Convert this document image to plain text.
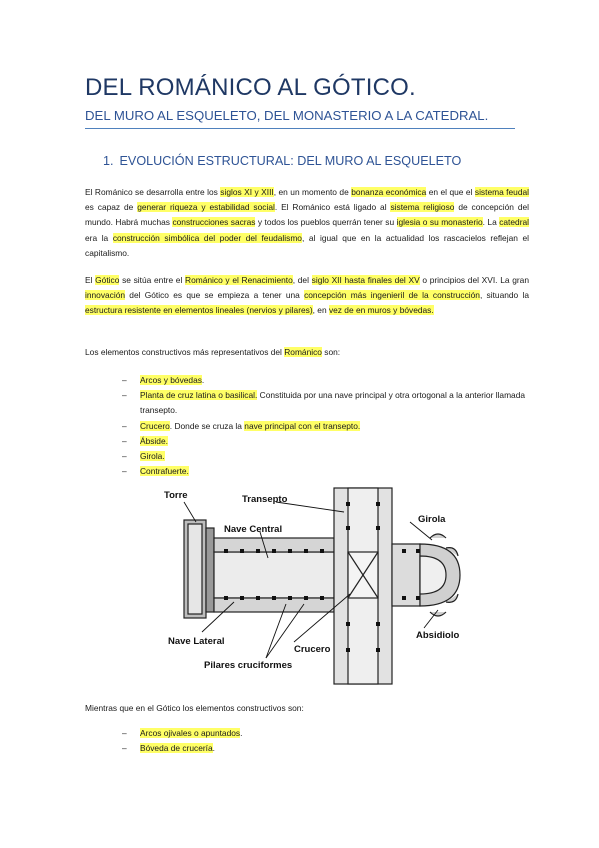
DEL ROMÁNICO AL GÓTICO.
DEL MURO AL ESQUELETO, DEL MONASTERIO A LA CATEDRAL.
1. EVOLUCIÓN ESTRUCTURAL: DEL MURO AL ESQUELETO

El Románico se desarrolla entre los siglos XI y XIII, en un momento de bonanza económica en el que el sistema feudal es capaz de generar riqueza y estabilidad social. El Románico está ligado al sistema religioso de concepción del mundo. Habrá muchas construcciones sacras y todos los pueblos querrán tener su iglesia o su monasterio. La catedral era la construcción simbólica del poder del feudalismo, al igual que en la actualidad los rascacielos reflejan el capitalismo.

El Gótico se sitúa entre el Románico y el Renacimiento, del siglo XII hasta finales del XV o principios del XVI. La gran innovación del Gótico es que se empieza a tener una concepción más ingenieril de la construcción, situando la estructura resistente en elementos lineales (nervios y pilares), en vez de en muros y bóvedas.

Los elementos constructivos más representativos del Románico son:

– Arcos y bóvedas.
– Planta de cruz latina o basilical. Constituida por una nave principal y otra ortogonal a la anterior llamada transepto.
– Crucero. Donde se cruza la nave principal con el transepto.
– Ábside.
– Girola.
– Contrafuerte.
Torre	Transepto
Nave Central
Girola
Nave Lateral
Crucero
Absidiolo
Pilares cruciformes

Mientras que en el Gótico los elementos constructivos son:

– Arcos ojivales o apuntados.
– Bóveda de crucería.
